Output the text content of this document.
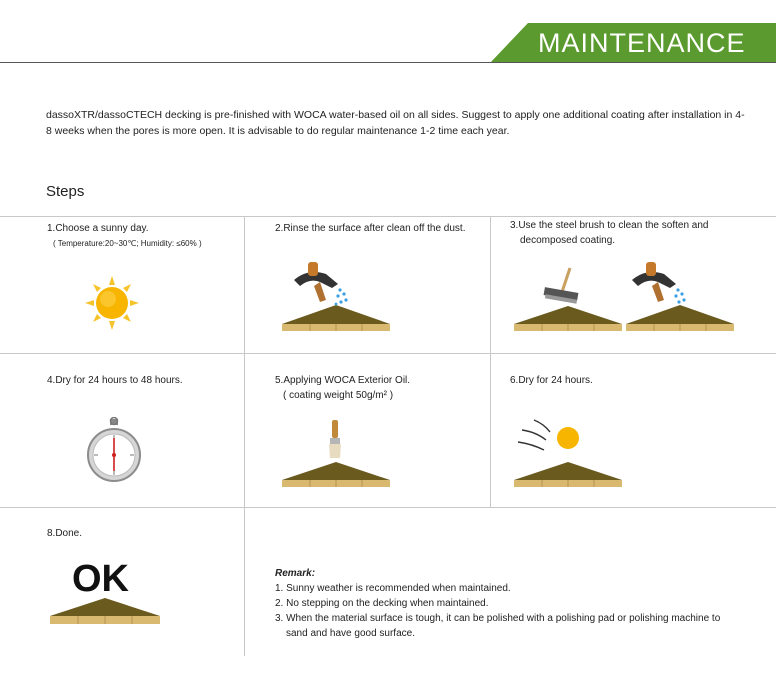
MAINTENANCE
dassoXTR/dassoCTECH decking is pre-finished with WOCA water-based oil on all sides. Suggest to apply one additional coating after installation in 4-8 weeks when the pores is more open. It is advisable to do regular maintenance 1-2 time each year.
Steps
1.Choose a sunny day.
( Temperature:20~30℃; Humidity: ≤60% )
2.Rinse the surface after clean off the dust.	3.Use the steel brush to clean the soften and
decomposed coating.
4.Dry for 24 hours to 48 hours.	5.Applying WOCA Exterior Oil.
( coating weight 50g/m² )
6.Dry for 24 hours.
8.Done.
OK	Remark:
1. Sunny weather is recommended when maintained.
2. No stepping on the decking when maintained.
3. When the material surface is tough, it can be polished with a polishing pad or polishing machine to
sand and have good surface.
